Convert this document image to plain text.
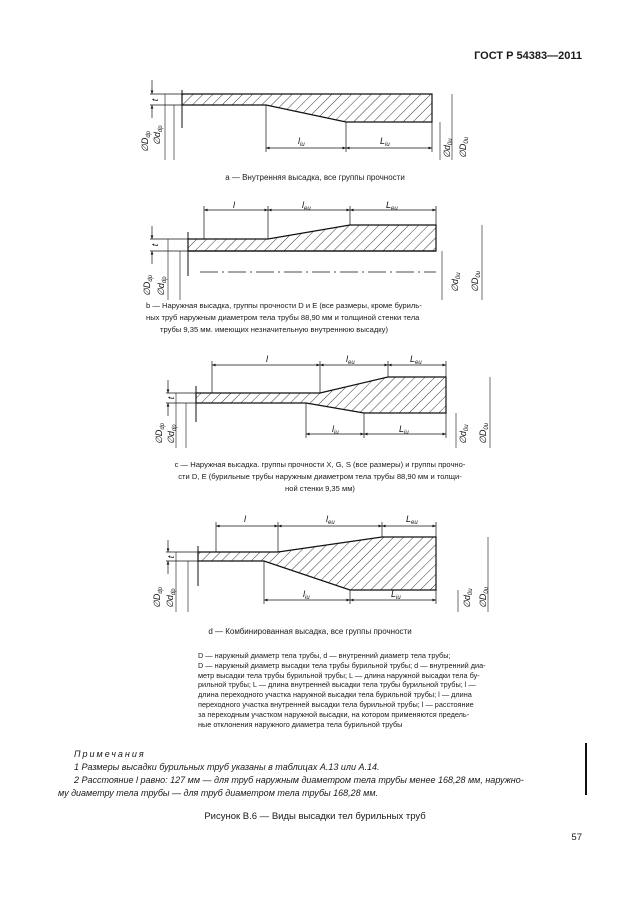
ГОСТ Р 54383—2011
t
$l_{iu}$	$L_{iu}$
$\emptyset D_{dp}$ $\emptyset d_{dp}$
$\emptyset d_{0u}$
$\emptyset D_{0u}$
t
l	$l_{eu}$	$L_{eu}$
$\emptyset D_{dp}$
$\emptyset d_{dp}$	$\emptyset d_{0u}$
$\emptyset D_{0u}$
t
l	$l_{eu}$	$L_{eu}$
$l_{iu}$	$L_{iu}$
$\emptyset D_{dp}$
$\emptyset d_{dp}$
$\emptyset d_{0u}$
$\emptyset D_{0u}$
t
l	$l_{eu}$	$L_{eu}$
$l_{iu}$	$L_{iu}$
$\emptyset D_{dp}$
$\emptyset d_{dp}$
$\emptyset d_{0u}$
$\emptyset D_{0u}$
a — Внутренняя высадка, все группы прочности
b — Наружная высадка, группы прочности D и E (все размеры, кроме буриль-
ных труб наружным диаметром тела трубы 88,90 мм и толщиной стенки тела
трубы 9,35 мм. имеющих незначительную внутреннюю высадку)
c — Наружная высадка. группы прочности X, G, S (все размеры) и группы прочно-
сти D, E (бурильные трубы наружным диаметром тела трубы 88,90 мм и толщи-
ной стенки 9,35 мм)
d — Комбинированная высадка, все группы прочности

D — наружный диаметр тела трубы, d — внутренний диаметр тела трубы;

D — наружный диаметр высадки тела трубы бурильной трубы; d — внутренний диа-

метр высадки тела трубы бурильной трубы; L — длина наружной высадки тела бу-

рильной трубы; L — длина внутренней высадки тела трубы бурильной трубы; l —

длина переходного участка наружной высадки тела бурильной трубы; l — длина

переходного участка внутренней высадки тела бурильной трубы; l — расстояние

за переходным участком наружной высадки, на котором применяются предель-

ные отклонения наружного диаметра тела бурильной трубы

Примечания

1 Размеры высадки бурильных труб указаны в таблицах А.13 или А.14.

2 Расстояние l равно: 127 мм — для труб наружным диаметром тела трубы менее 168,28 мм, наружно-

му диаметру тела трубы — для труб диаметром тела трубы 168,28 мм.

Рисунок В.6 — Виды высадки тел бурильных труб
57
